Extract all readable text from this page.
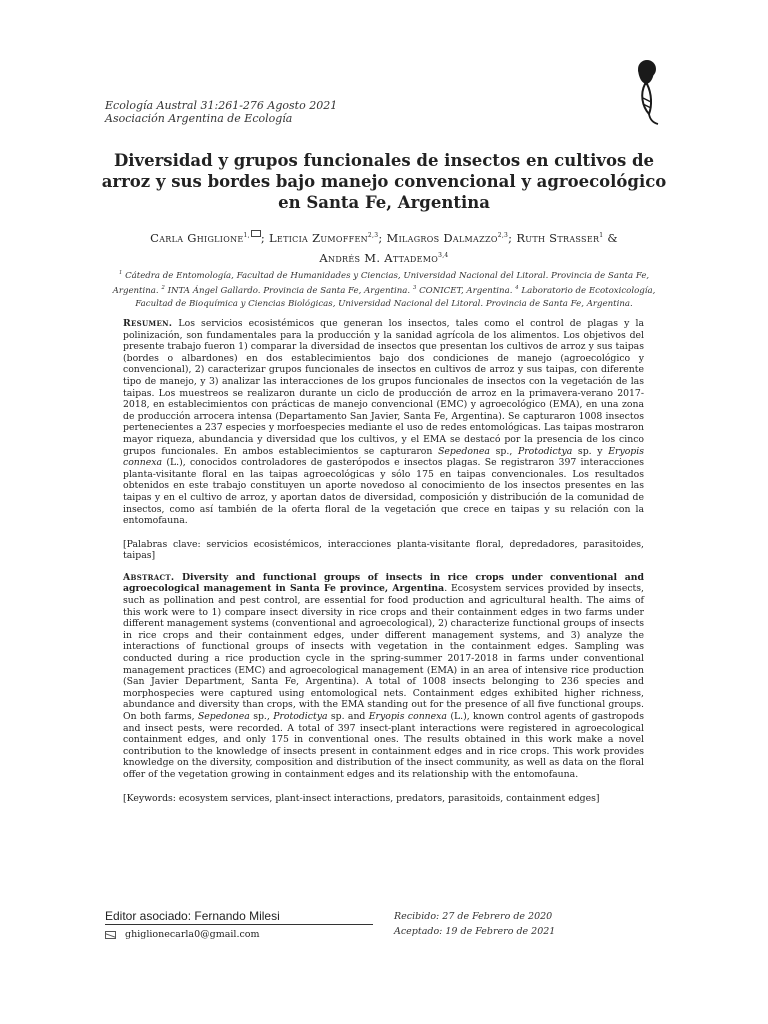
Ecología Austral 31:261-276 Agosto 2021
Asociación Argentina de Ecología
Diversidad y grupos funcionales de insectos en cultivos de arroz y sus bordes bajo manejo convencional y agroecológico en Santa Fe, Argentina
Carla Ghiglione$^{1,}$ ; Leticia Zumoffen$^{2,3}$; Milagros Dalmazzo$^{2,3}$; Ruth Strasser$^1$ &
Andrés M. Attademo$^{3,4}$
$^1$ Cátedra de Entomología, Facultad de Humanidades y Ciencias, Universidad Nacional del Litoral. Provincia de Santa Fe, Argentina. $^2$ INTA Ángel Gallardo. Provincia de Santa Fe, Argentina. $^3$ CONICET, Argentina. $^4$ Laboratorio de Ecotoxicología, Facultad de Bioquímica y Ciencias Biológicas, Universidad Nacional del Litoral. Provincia de Santa Fe, Argentina.
Resumen. Los servicios ecosistémicos que generan los insectos, tales como el control de plagas y la polinización, son fundamentales para la producción y la sanidad agrícola de los alimentos. Los objetivos del presente trabajo fueron 1) comparar la diversidad de insectos que presentan los cultivos de arroz y sus taipas (bordes o albardones) en dos establecimientos bajo dos condiciones de manejo (agroecológico y convencional), 2) caracterizar grupos funcionales de insectos en cultivos de arroz y sus taipas, con diferente tipo de manejo, y 3) analizar las interacciones de los grupos funcionales de insectos con la vegetación de las taipas. Los muestreos se realizaron durante un ciclo de producción de arroz en la primavera-verano 2017-2018, en establecimientos con prácticas de manejo convencional (EMC) y agroecológico (EMA), en una zona de producción arrocera intensa (Departamento San Javier, Santa Fe, Argentina). Se capturaron 1008 insectos pertenecientes a 237 especies y morfoespecies mediante el uso de redes entomológicas. Las taipas mostraron mayor riqueza, abundancia y diversidad que los cultivos, y el EMA se destacó por la presencia de los cinco grupos funcionales. En ambos establecimientos se capturaron Sepedonea sp., Protodictya sp. y Eryopis connexa (L.), conocidos controladores de gasterópodos e insectos plagas. Se registraron 397 interacciones planta-visitante floral en las taipas agroecológicas y sólo 175 en taipas convencionales. Los resultados obtenidos en este trabajo constituyen un aporte novedoso al conocimiento de los insectos presentes en las taipas y en el cultivo de arroz, y aportan datos de diversidad, composición y distribución de la comunidad de insectos, como así también de la oferta floral de la vegetación que crece en taipas y su relación con la entomofauna.
[Palabras clave: servicios ecosistémicos, interacciones planta-visitante floral, depredadores, parasitoides, taipas]
Abstract. Diversity and functional groups of insects in rice crops under conventional and agroecological management in Santa Fe province, Argentina. Ecosystem services provided by insects, such as pollination and pest control, are essential for food production and agricultural health. The aims of this work were to 1) compare insect diversity in rice crops and their containment edges in two farms under different management systems (conventional and agroecological), 2) characterize functional groups of insects in rice crops and their containment edges, under different management systems, and 3) analyze the interactions of functional groups of insects with vegetation in the containment edges. Sampling was conducted during a rice production cycle in the spring-summer 2017-2018 in farms under conventional management practices (EMC) and agroecological management (EMA) in an area of intensive rice production (San Javier Department, Santa Fe, Argentina). A total of 1008 insects belonging to 236 species and morphospecies were captured using entomological nets. Containment edges exhibited higher richness, abundance and diversity than crops, with the EMA standing out for the presence of all five functional groups. On both farms, Sepedonea sp., Protodictya sp. and Eryopis connexa (L.), known control agents of gastropods and insect pests, were recorded. A total of 397 insect-plant interactions were registered in agroecological containment edges, and only 175 in conventional ones. The results obtained in this work make a novel contribution to the knowledge of insects present in containment edges and in rice crops. This work provides knowledge on the diversity, composition and distribution of the insect community, as well as data on the floral offer of the vegetation growing in containment edges and its relationship with the entomofauna.
[Keywords: ecosystem services, plant-insect interactions, predators, parasitoids, containment edges]
Editor asociado: Fernando Milesi
ghiglionecarla0@gmail.com
Recibido: 27 de Febrero de 2020
Aceptado: 19 de Febrero de 2021
